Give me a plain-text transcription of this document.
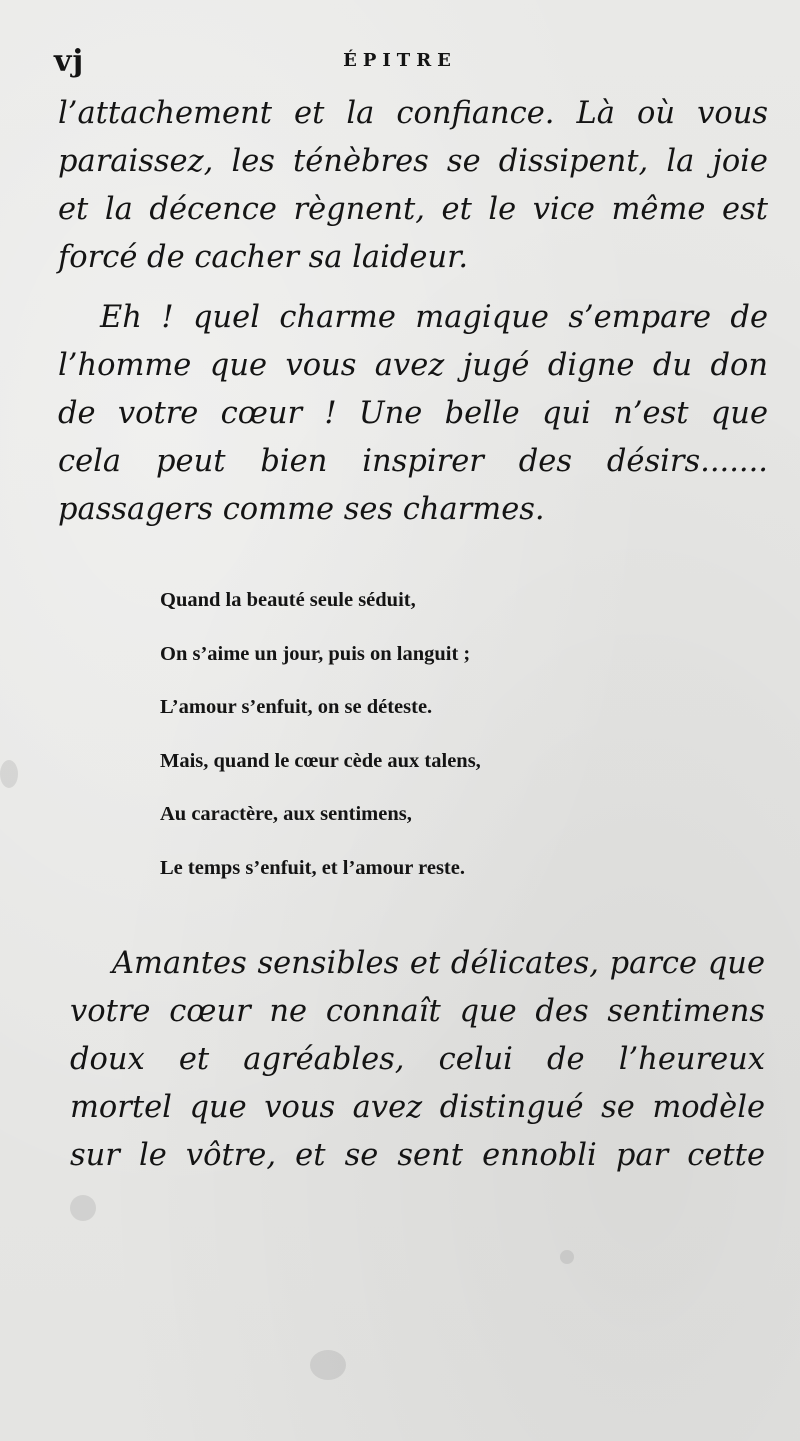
vj	ÉPITRE
l’attachement et la confiance. Là où vous
paraissez, les ténèbres se dissipent, la joie
et la décence règnent, et le vice même est
forcé de cacher sa laideur.
Eh ! quel charme magique s’empare de
l’homme que vous avez jugé digne du don
de votre cœur ! Une belle qui n’est que
cela peut bien inspirer des désirs.......
passagers comme ses charmes.
Quand la beauté seule séduit,
On s’aime un jour, puis on languit ;
L’amour s’enfuit, on se déteste.
Mais, quand le cœur cède aux talens,
Au caractère, aux sentimens,
Le temps s’enfuit, et l’amour reste.
Amantes sensibles et délicates, parce que
votre cœur ne connaît que des sentimens
doux et agréables, celui de l’heureux
mortel que vous avez distingué se modèle
sur le vôtre, et se sent ennobli par cette
